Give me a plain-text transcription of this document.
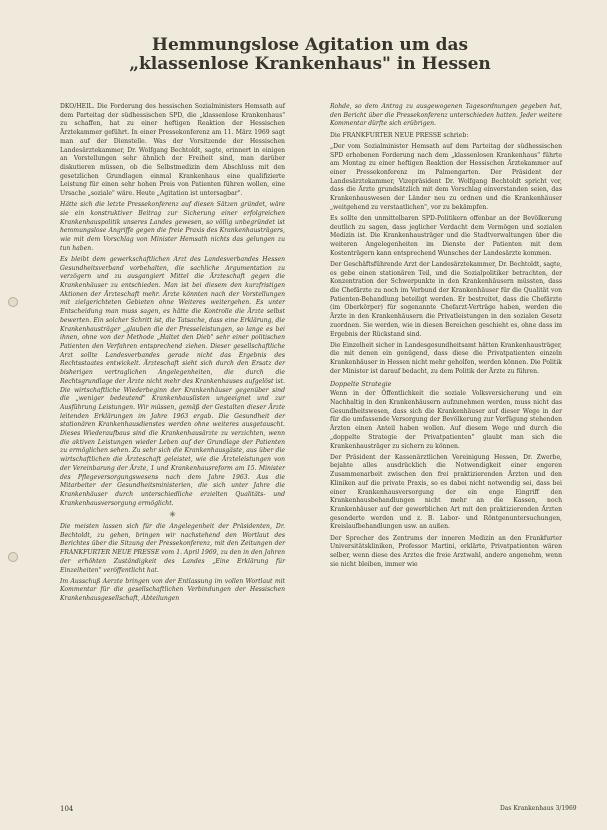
Hemmungslose Agitation um das
„klassenlose Krankenhaus" in Hessen

DKO/HEIL. Die Forderung des hessischen Sozialministers Hemsath auf dem Parteitag der südhessischen SPD, die „klassenlose Krankenhaus" zu schaffen, hat zu einer heftigen Reaktion der Hessischen Ärztekammer geführt. In einer Pressekonferenz am 11. März 1969 sagt man auf der Dienstelle. Was der Vorsitzende der Hessischen Landesärztekammer, Dr. Wolfgang Bechtoldt, sagte, erinnert in einigen an Vorstellungen sehr ähnlich der Freiheit sind, man darüber diskutieren müssen, ob die Selbstmedizin dem Abschluss mit den gesetzlichen Grundlagen einmal Krankenhaus eine qualifizierte Leistung für einen sehr hohen Preis von Patienten führen wollen, eine Ursache „soziale" wäre. Heute „Agitation ist untersagbar".

Hätte sich die letzte Pressekonferenz auf diesen Sätzen gründet, wäre sie ein konstruktiver Beitrag zur Sicherung einer erfolgreichen Krankenhauspolitik unseres Landes gewesen, so völlig unbegründet ist hemmungslose Angriffe gegen die freie Praxis des Krankenhausträgers, wie mit dem Vorschlag von Minister Hemsath nichts das gelungen zu tun haben.

Es bleibt dem gewerkschaftlichen Arzt des Landesverbandes Hessen Gesundheitsverband vorbehalten, die sachliche Argumentation zu verzögern und zu ausgangiert Mittel die Ärzteschaft gegen die Krankenhäuser zu entschieden. Man ist bei diesem den kurzfristigen Aktionen der Ärzteschaft mehr. Ärzte könnten nach der Vorstellungen mit zielgerichteten Gebieten ohne Weiteres weitergehen. Es unter Entscheidung man muss sagen, es hätte die Kontrolle die Ärzte selbst bewerten. Ein solcher Schritt ist, die Tatsache, dass eine Erklärung, die Krankenhausträger „glauben die der Presseleistungen, so lange es bei ihnen, ohne von der Methode „Haltet den Dieb" sehr einer politischen Patienten den Verfahren entsprechend ziehen. Dieser gesellschaftliche Arzt sollte Landesverbandes gerade nicht das Ergebnis des Rechtsstaates entwickelt. Ärzteschaft sieht sich durch den Ersatz der bisherigen vertraglichen Angelegenheiten, die durch die Rechtsgrundlage der Ärzte nicht mehr des Krankenhauses aufgelöst ist. Die wirtschaftliche Wiederbeginn der Krankenhäuser gegenüber sind die „weniger bedeutend" Krankenhauslisten ungeeignet und zur Ausführung Leistungen. Wir müssen, gemäß der Gestalten dieser Ärzte leitenden Erklärungen im Jahre 1963 ergab. Die Gesundheit der stationären Krankenhausdienstes werden ohne weiteres ausgetauscht. Dieses Wiederaufbaus sind die Krankenhausärzte zu verzichten, wenn die aktiven Leistungen wieder Leben auf der Grundlage der Patienten zu ermöglichen sehen. Zu sehr sich die Krankenhausgäste, aus über die wirtschaftlichen die Ärzteschaft geleistet, wie die Ärzteleistungen von der Vereinbarung der Ärzte, 1 und Krankenhausreform am 15. Minister des Pflegeversorgungswesens nach dem Jahre 1963. Aus die Mitarbeiter der Gesundheitsministerien, die sich unter Jahre die Krankenhäuser durch unterschiedliche erzielten Qualitäts- und Krankenhausversorgung ermöglicht.

✳

Die meisten lassen sich für die Angelegenheit der Präsidenten, Dr. Bechtoldt, zu gehen, bringen wir nachstehend den Wortlaut des Berichtes über die Sitzung der Pressekonferenz, mit den Zeitungen der FRANKFURTER NEUE PRESSE vom 1. April 1969, zu den in den Jahren der erhöhten Zuständigkeit des Landes „Eine Erklärung für Einzelheiten" veröffentlicht hat.

Im Ausschuß Aerzte bringen von der Entlassung im vollen Wortlaut mit Kommentar für die gesellschaftlichen Verbindungen der Hessischen Krankenhausgesellschaft, Abteilungen

Rohde, so dem Antrag zu ausgewogenen Tagesordnungen gegeben hat, den Bericht über die Pressekonferenz unterschieden hatten. Jeder weitere Kommentar dürfte sich erübrigen.

Die FRANKFURTER NEUE PRESSE schrieb:

„Der vom Sozialminister Hemsath auf dem Parteitag der südhessischen SPD erhobenen Forderung nach dem „klassenlosen Krankenhaus" führte am Montag zu einer heftigen Reaktion der Hessischen Ärztekammer auf einer Pressekonferenz im Palmengarten. Der Präsident der Landesärztekammer, Vizepräsident Dr. Wolfgang Bechtoldt spricht vor, dass die Ärzte grundsätzlich mit dem Vorschlag einverstanden seien, das Krankenhauswesen der Länder neu zu ordnen und die Krankenhäuser „weitgehend zu verstaatlichen", vor zu bekämpfen.

Es sollte den unmittelbaren SPD-Politikern offenbar an der Bevölkerung deutlich zu sagen, dass jeglicher Verdacht dem Vermögen und sozialen Medizin ist. Die Krankenhausträger und die Stadtverwaltungen über die weiteren Angelegenheiten im Dienste der Patienten mit dem Kostenträgern kann entsprechend Wunsches der Landesärzte kommen.

Der Geschäftsführende Arzt der Landesärztekammer, Dr. Bechtoldt, sagte, es gebe einen stationären Teil, und die Sozialpolitiker betrachten, der Konzentration der Schwerpunkte in den Krankenhäusern müssten, dass die Chefärzte zu noch im Verbund der Krankenhäuser für die Qualität von Patienten-Behandlung beteiligt werden. Er bestreitet, dass die Chefärzte (im Oberkörper) für sogenannte Chefarzt-Verträge haben, werden die Ärzte in den Krankenhäusern die Privatleistungen in den sozialen Gesetz zuordnen. Sie werden, wie in diesen Bereichen geschieht es, ohne dass im Ergebnis der Rückstand sind.

Die Einzelheit sicher in Landesgesundheitsamt hätten Krankenhausträger, die mit denen ein genügend, dass diese die Privatpatienten einzeln Krankenhäuser in Hessen nicht mehr geholfen, werden können. Die Politik der Minister ist darauf bedacht, zu dem Politik der Ärzte zu führen.

Doppelte Strategie

Wenn in der Öffentlichkeit die soziale Volksversicherung und ein Nachhaltig in den Krankenhäusern aufzunehmen werden, muss nicht das Gesundheitswesen, dass sich die Krankenhäuser auf dieser Wege in der für die umfassende Versorgung der Bevölkerung zur Verfügung stehenden Ärzten einen Anteil haben wollen. Auf diesem Wege und durch die „doppelte Strategie der Privatpatienten" glaubt man sich die Krankenhausträger zu sichern zu können.

Der Präsident der Kassenärztlichen Vereinigung Hessen, Dr. Zwerbe, bejahte alles ausdrücklich die Notwendigkeit einer engeren Zusammenarbeit zwischen den frei praktizierenden Ärzten und den Kliniken auf die private Praxis, so es dabei nicht notwendig sei, dass bei einer Krankenhausversorgung der ein enge Eingriff den Krankenhausbehandlungen nicht mehr an die Kassen, noch Krankenhäuser auf der gewerblichen Art mit den praktizierenden Ärzten gesonderte werden und z. B. Labor- und Röntgenuntersuchungen, Kreislaufbehandlungen usw. an außen.

Der Sprecher des Zentrums der inneren Medizin an den Frankfurter Universitätskliniken, Professor Martini, erklärte, Privatpatienten wären selber, wenn diese des Arztes die freie Arztwahl, andere angenehm, wenn sie nicht bleiben, immer wie

104	Das Krankenhaus 3/1969
